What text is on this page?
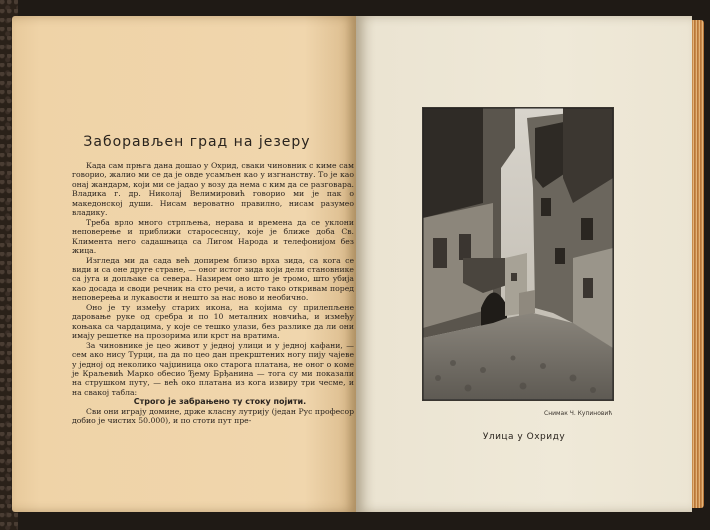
Заборављен град на језеру

Када сам прњга дана дошао у Охрид, сваки чиновник с киме сам говорио, жалио ми се да је овде усамљен као у изгнанству. То је као онај жандарм, који ми се јадао у возу да нема с ким да се разговара. Владика г. др. Николај Велимировић говорио ми је пак о македонској души. Нисам вероватно правилно, нисам разумео владику.

Треба врло много стрпљења, нерава и времена да се уклони неповерење и приближи старосеснцу, које је ближе доба Св. Климента него садашњица са Лигом Народа и телефонијом без жица.

Изгледа ми да сада већ допирем близо врха зида, са кога се види и са оне друге стране, — оног истог зида који дели становнике са југа и допљаке са севера. Назирем оно што је тромо, што убија као досада и своди речник на сто речи, а исто тако откривам поред неповерења и лукавости и нешто за нас ново и необично.

Оно је ту између старих икона, на којима су прилепљене даровање руке од сребра и по 10 металних новчића, и између коњака са чардацима, у које се тешко улази, без разлике да ли они имају решетке на прозорима или крст на вратима.

За чиновнике је цео живот у једној улици и у једној кафани, — сем ако нису Турци, па да по цео дан прекрштених ногу пију чајеве у једној од неколико чајџиница око старога платана, не оног о коме је Краљевић Марко обесио Ђему Брђанина — тога су ми показали на струшком путу, — већ око платана из кога извиру три чесме, и на свакој табла:

Строго је забрањено ту стоку појити.

Сви они играју домине, држе класну лутрију (један Рус професор добио је чистих 50.000), и по стоти пут пре-

Снимак Ч. Купиновић
Улица у Охриду
